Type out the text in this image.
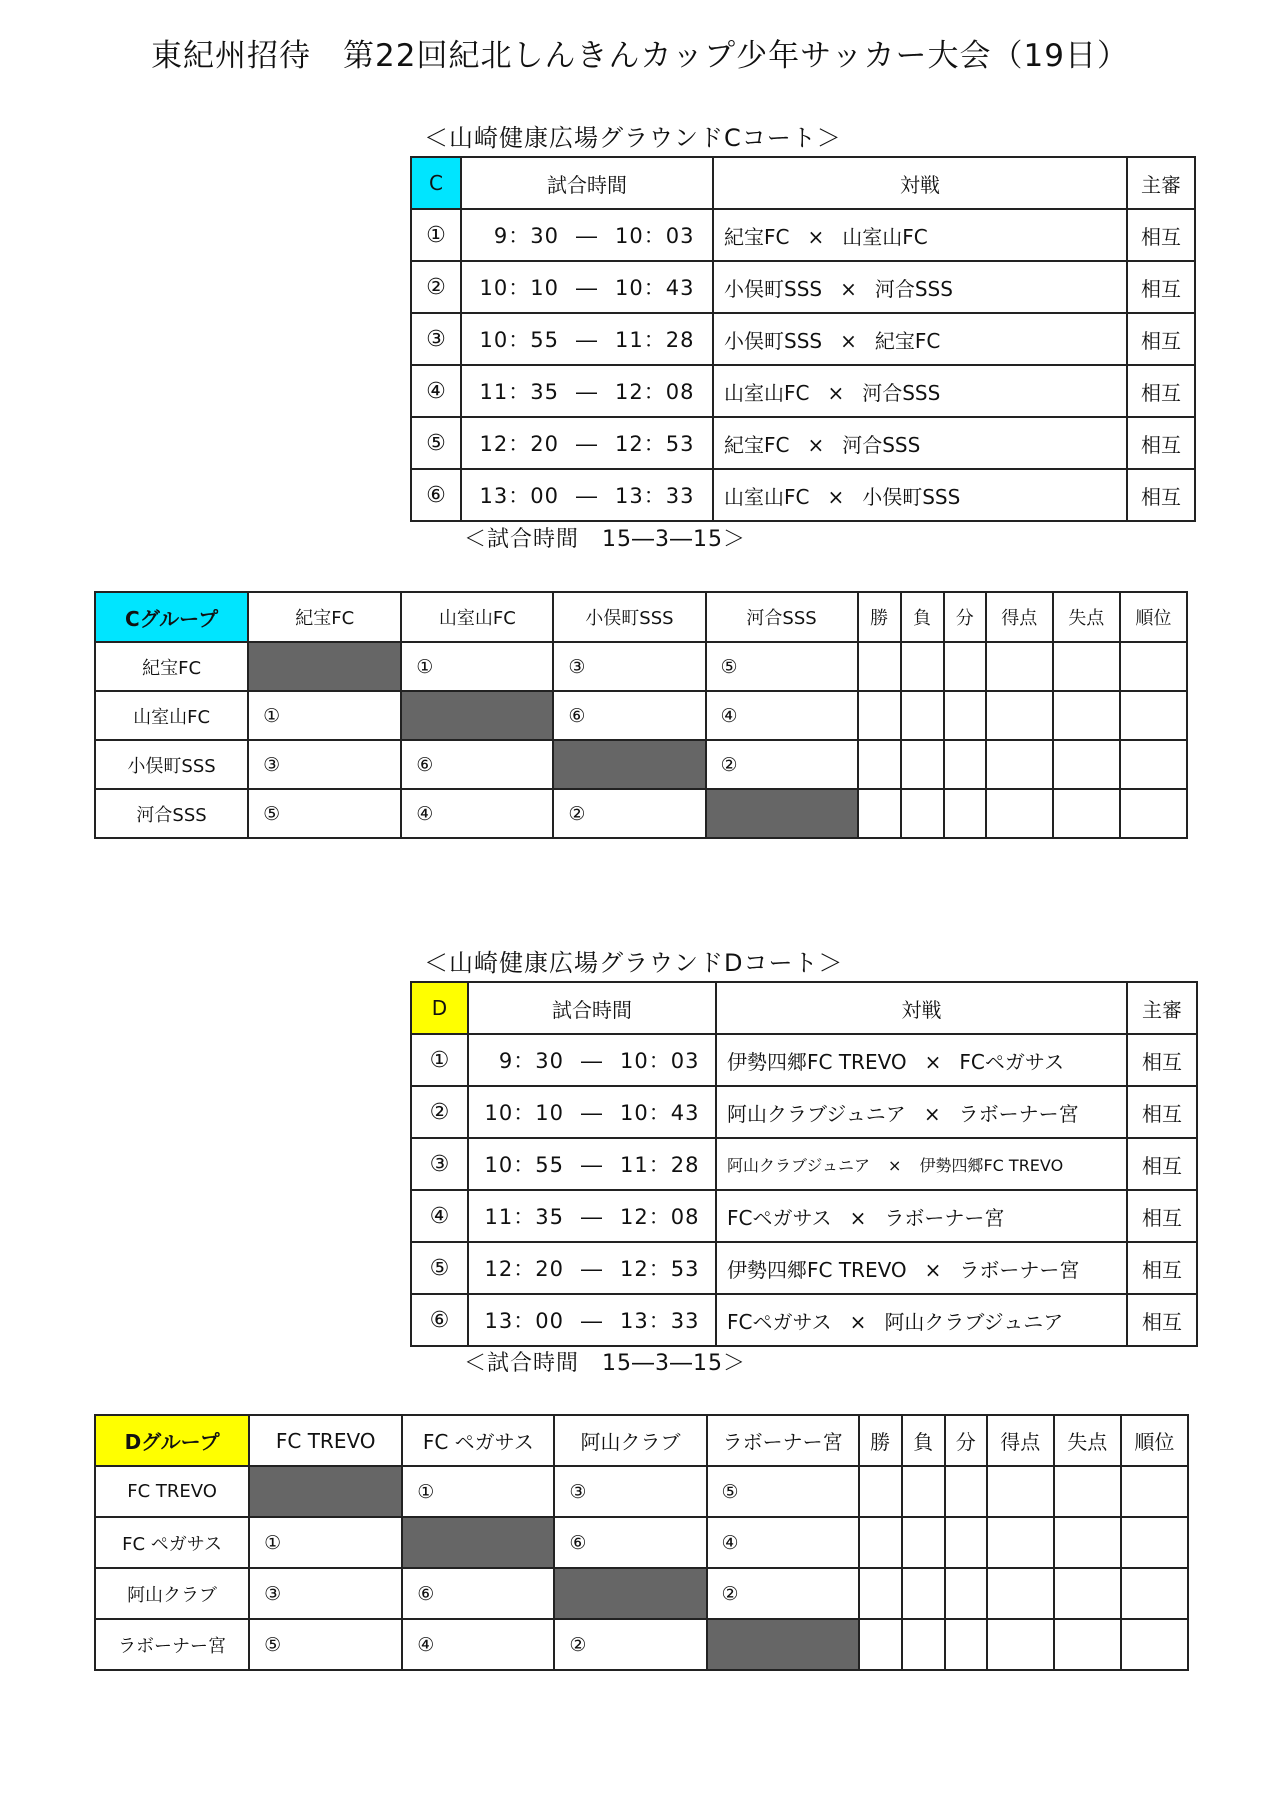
東紀州招待　第22回紀北しんきんカップ少年サッカー大会（19日）
＜山崎健康広場グラウンドCコート＞
C	試合時間	対戦	主審
①	9：30 ― 10：03	紀宝FC × 山室山FC	相互
②	10：10 ― 10：43	小俣町SSS × 河合SSS	相互
③	10：55 ― 11：28	小俣町SSS × 紀宝FC	相互
④	11：35 ― 12：08	山室山FC × 河合SSS	相互
⑤	12：20 ― 12：53	紀宝FC × 河合SSS	相互
⑥	13：00 ― 13：33	山室山FC × 小俣町SSS	相互
＜試合時間　15―3―15＞
Cグループ	紀宝FC	山室山FC	小俣町SSS	河合SSS	勝	負	分	得点	失点	順位
紀宝FC		①	③	⑤						
山室山FC	①		⑥	④						
小俣町SSS	③	⑥		②						
河合SSS	⑤	④	②							
＜山崎健康広場グラウンドDコート＞
D	試合時間	対戦	主審
①	9：30 ― 10：03	伊勢四郷FC TREVO × FCペガサス	相互
②	10：10 ― 10：43	阿山クラブジュニア × ラボーナー宮	相互
③	10：55 ― 11：28	阿山クラブジュニア × 伊勢四郷FC TREVO	相互
④	11：35 ― 12：08	FCペガサス × ラボーナー宮	相互
⑤	12：20 ― 12：53	伊勢四郷FC TREVO × ラボーナー宮	相互
⑥	13：00 ― 13：33	FCペガサス × 阿山クラブジュニア	相互
＜試合時間　15―3―15＞
Dグループ	FC TREVO	FC ペガサス	阿山クラブ	ラボーナー宮	勝	負	分	得点	失点	順位
FC TREVO		①	③	⑤						
FC ペガサス	①		⑥	④						
阿山クラブ	③	⑥		②						
ラボーナー宮	⑤	④	②							
